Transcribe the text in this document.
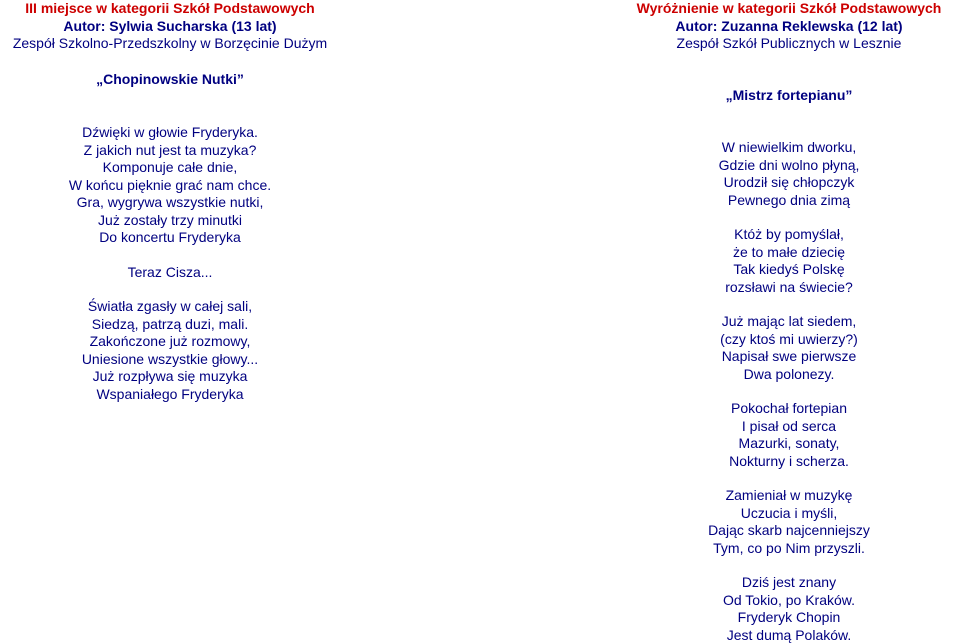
III miejsce w kategorii Szkół Podstawowych
Autor: Sylwia Sucharska (13 lat)
Zespół Szkolno-Przedszkolny w Borzęcinie Dużym
„Chopinowskie Nutki”
Dźwięki w głowie Fryderyka.
Z jakich nut jest ta muzyka?
Komponuje całe dnie,
W końcu pięknie grać nam chce.
Gra, wygrywa wszystkie nutki,
Już zostały trzy minutki
Do koncertu Fryderyka
Teraz Cisza...
Światła zgasły w całej sali,
Siedzą, patrzą duzi, mali.
Zakończone już rozmowy,
Uniesione wszystkie głowy...
Już rozpływa się muzyka
Wspaniałego Fryderyka
Wyróżnienie w kategorii Szkół Podstawowych
Autor: Zuzanna Reklewska (12 lat)
Zespół Szkół Publicznych w Lesznie
„Mistrz fortepianu”
W niewielkim dworku,
Gdzie dni wolno płyną,
Urodził się chłopczyk
Pewnego dnia zimą
Któż by pomyślał,
że to małe dziecię
Tak kiedyś Polskę
rozsławi na świecie?
Już mając lat siedem,
(czy ktoś mi uwierzy?)
Napisał swe pierwsze
Dwa polonezy.
Pokochał fortepian
I pisał od serca
Mazurki, sonaty,
Nokturny i scherza.
Zamieniał w muzykę
Uczucia i myśli,
Dając skarb najcenniejszy
Tym, co po Nim przyszli.
Dziś jest znany
Od Tokio, po Kraków.
Fryderyk Chopin
Jest dumą Polaków.
